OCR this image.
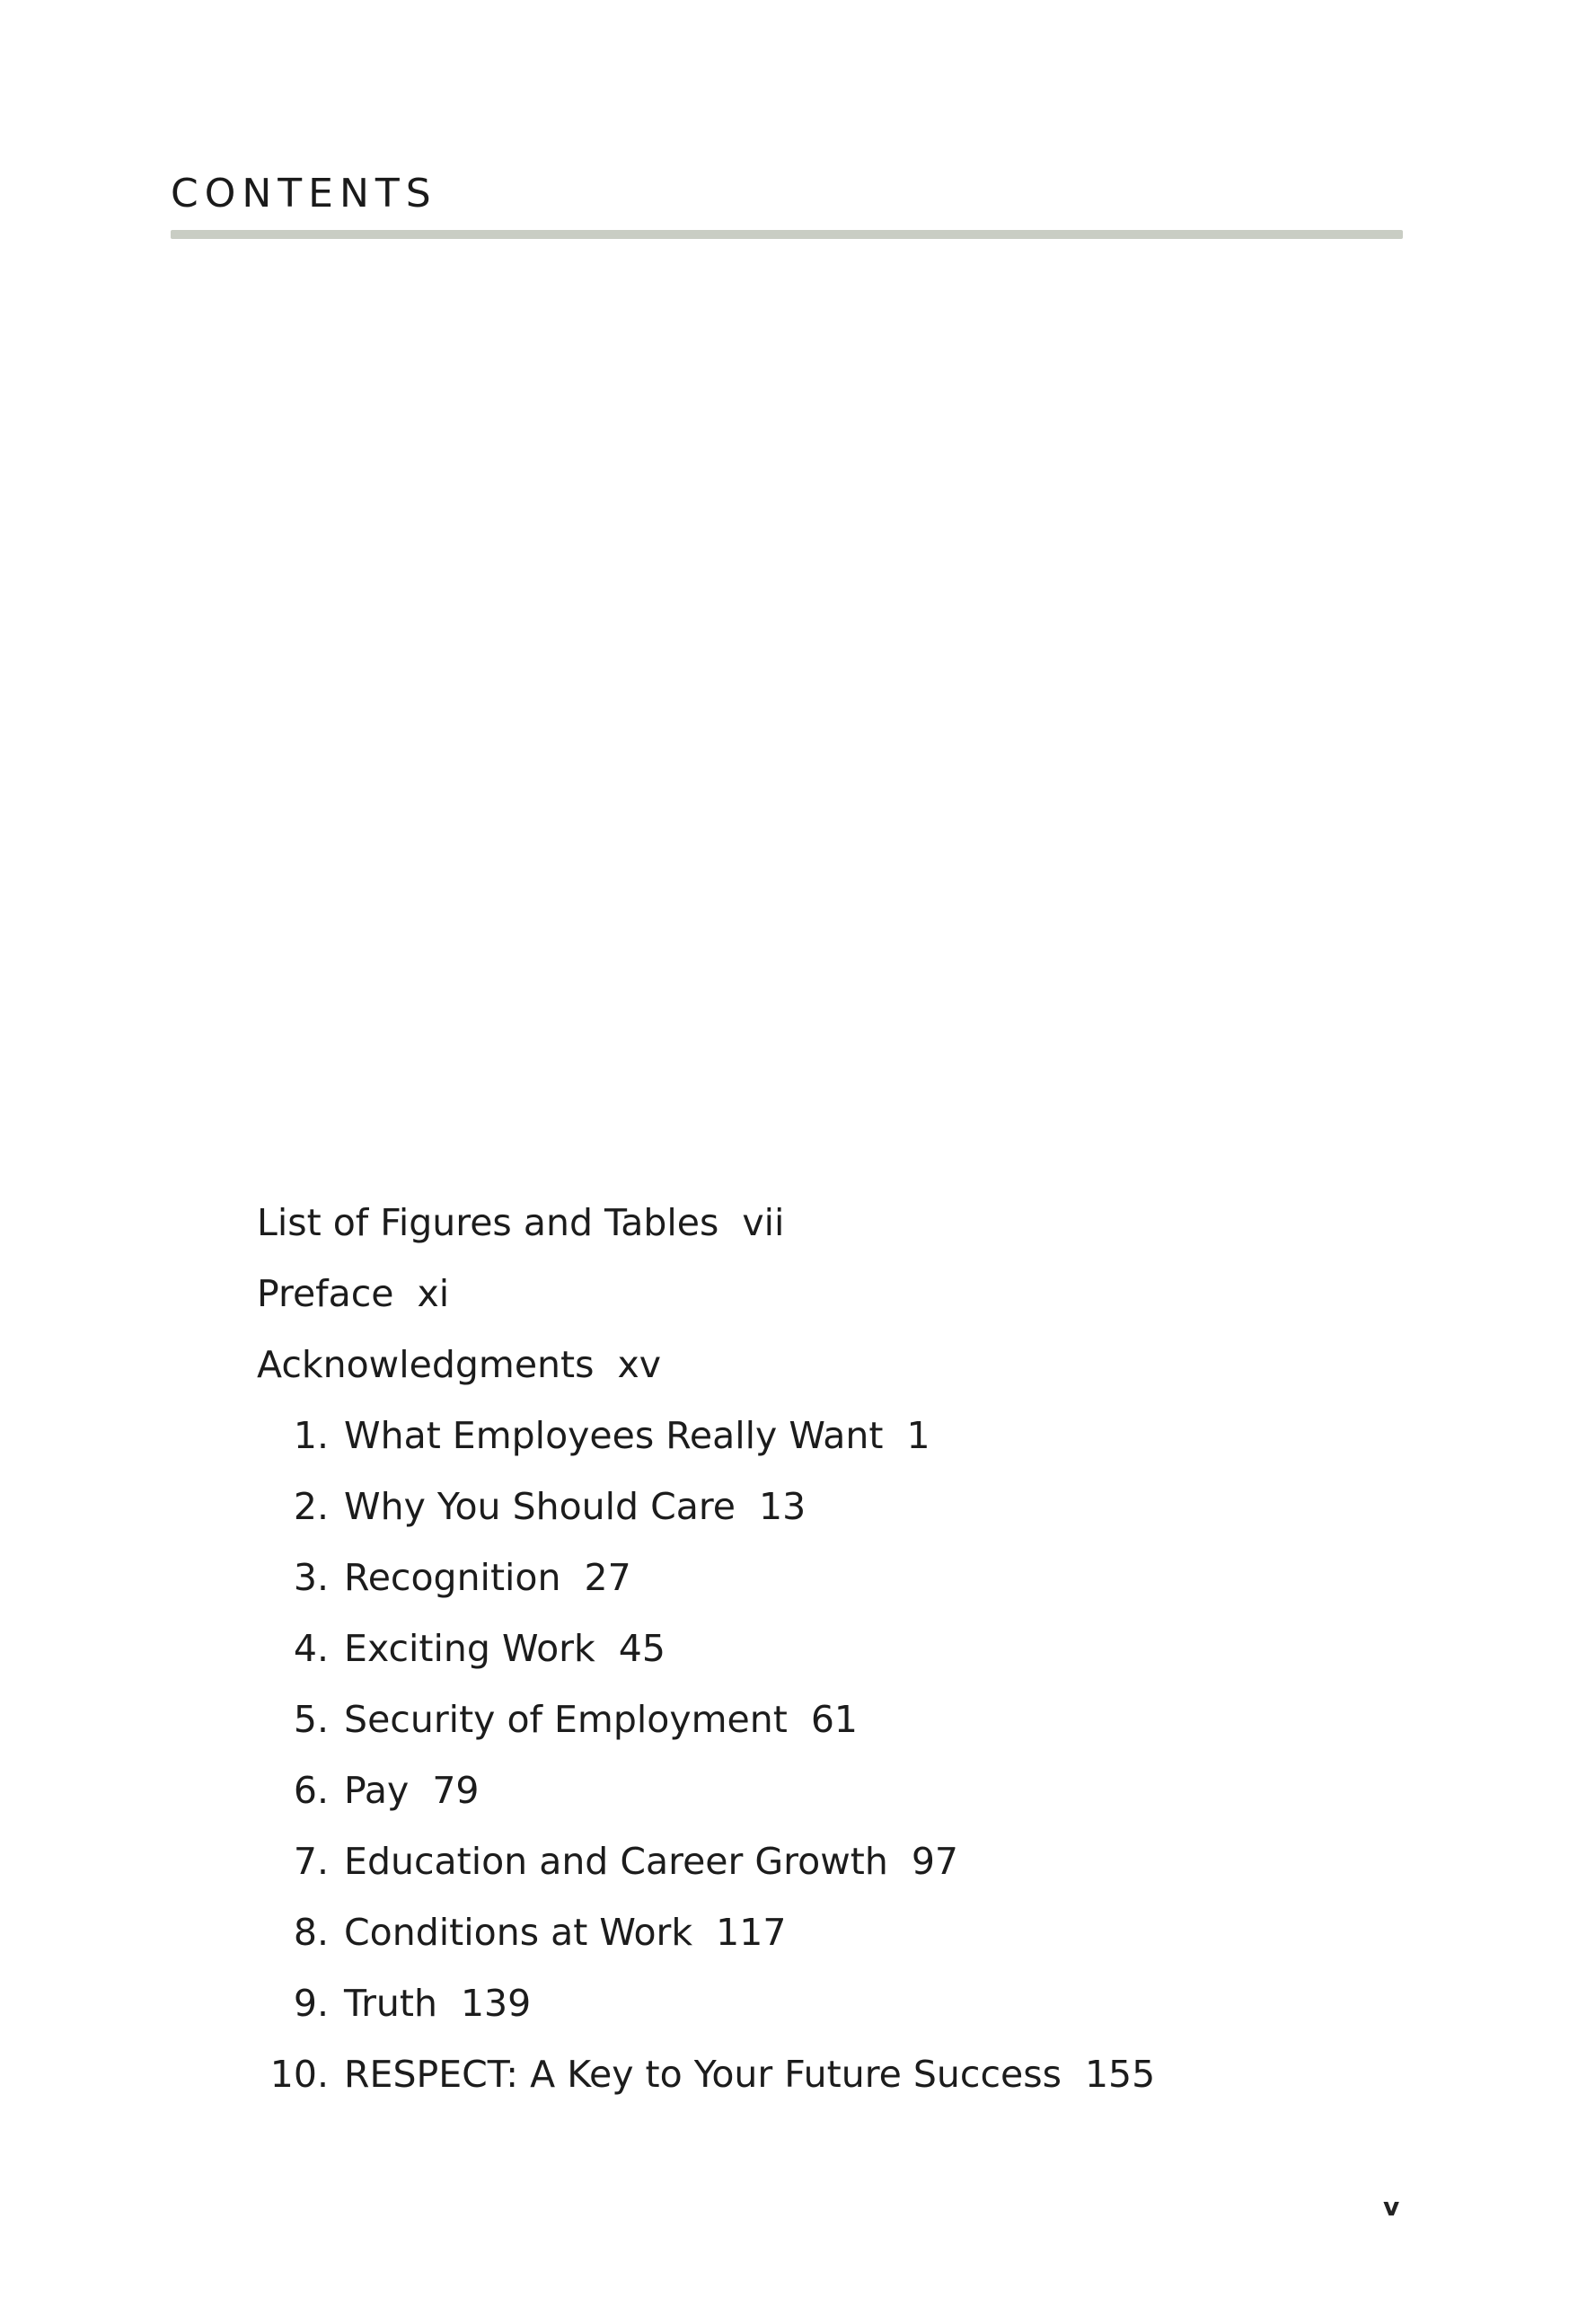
CONTENTS
List of Figures and Tables vii
Preface xi
Acknowledgments xv
1. What Employees Really Want 1
2. Why You Should Care 13
3. Recognition 27
4. Exciting Work 45
5. Security of Employment 61
6. Pay 79
7. Education and Career Growth 97
8. Conditions at Work 117
9. Truth 139
10. RESPECT: A Key to Your Future Success 155
v
